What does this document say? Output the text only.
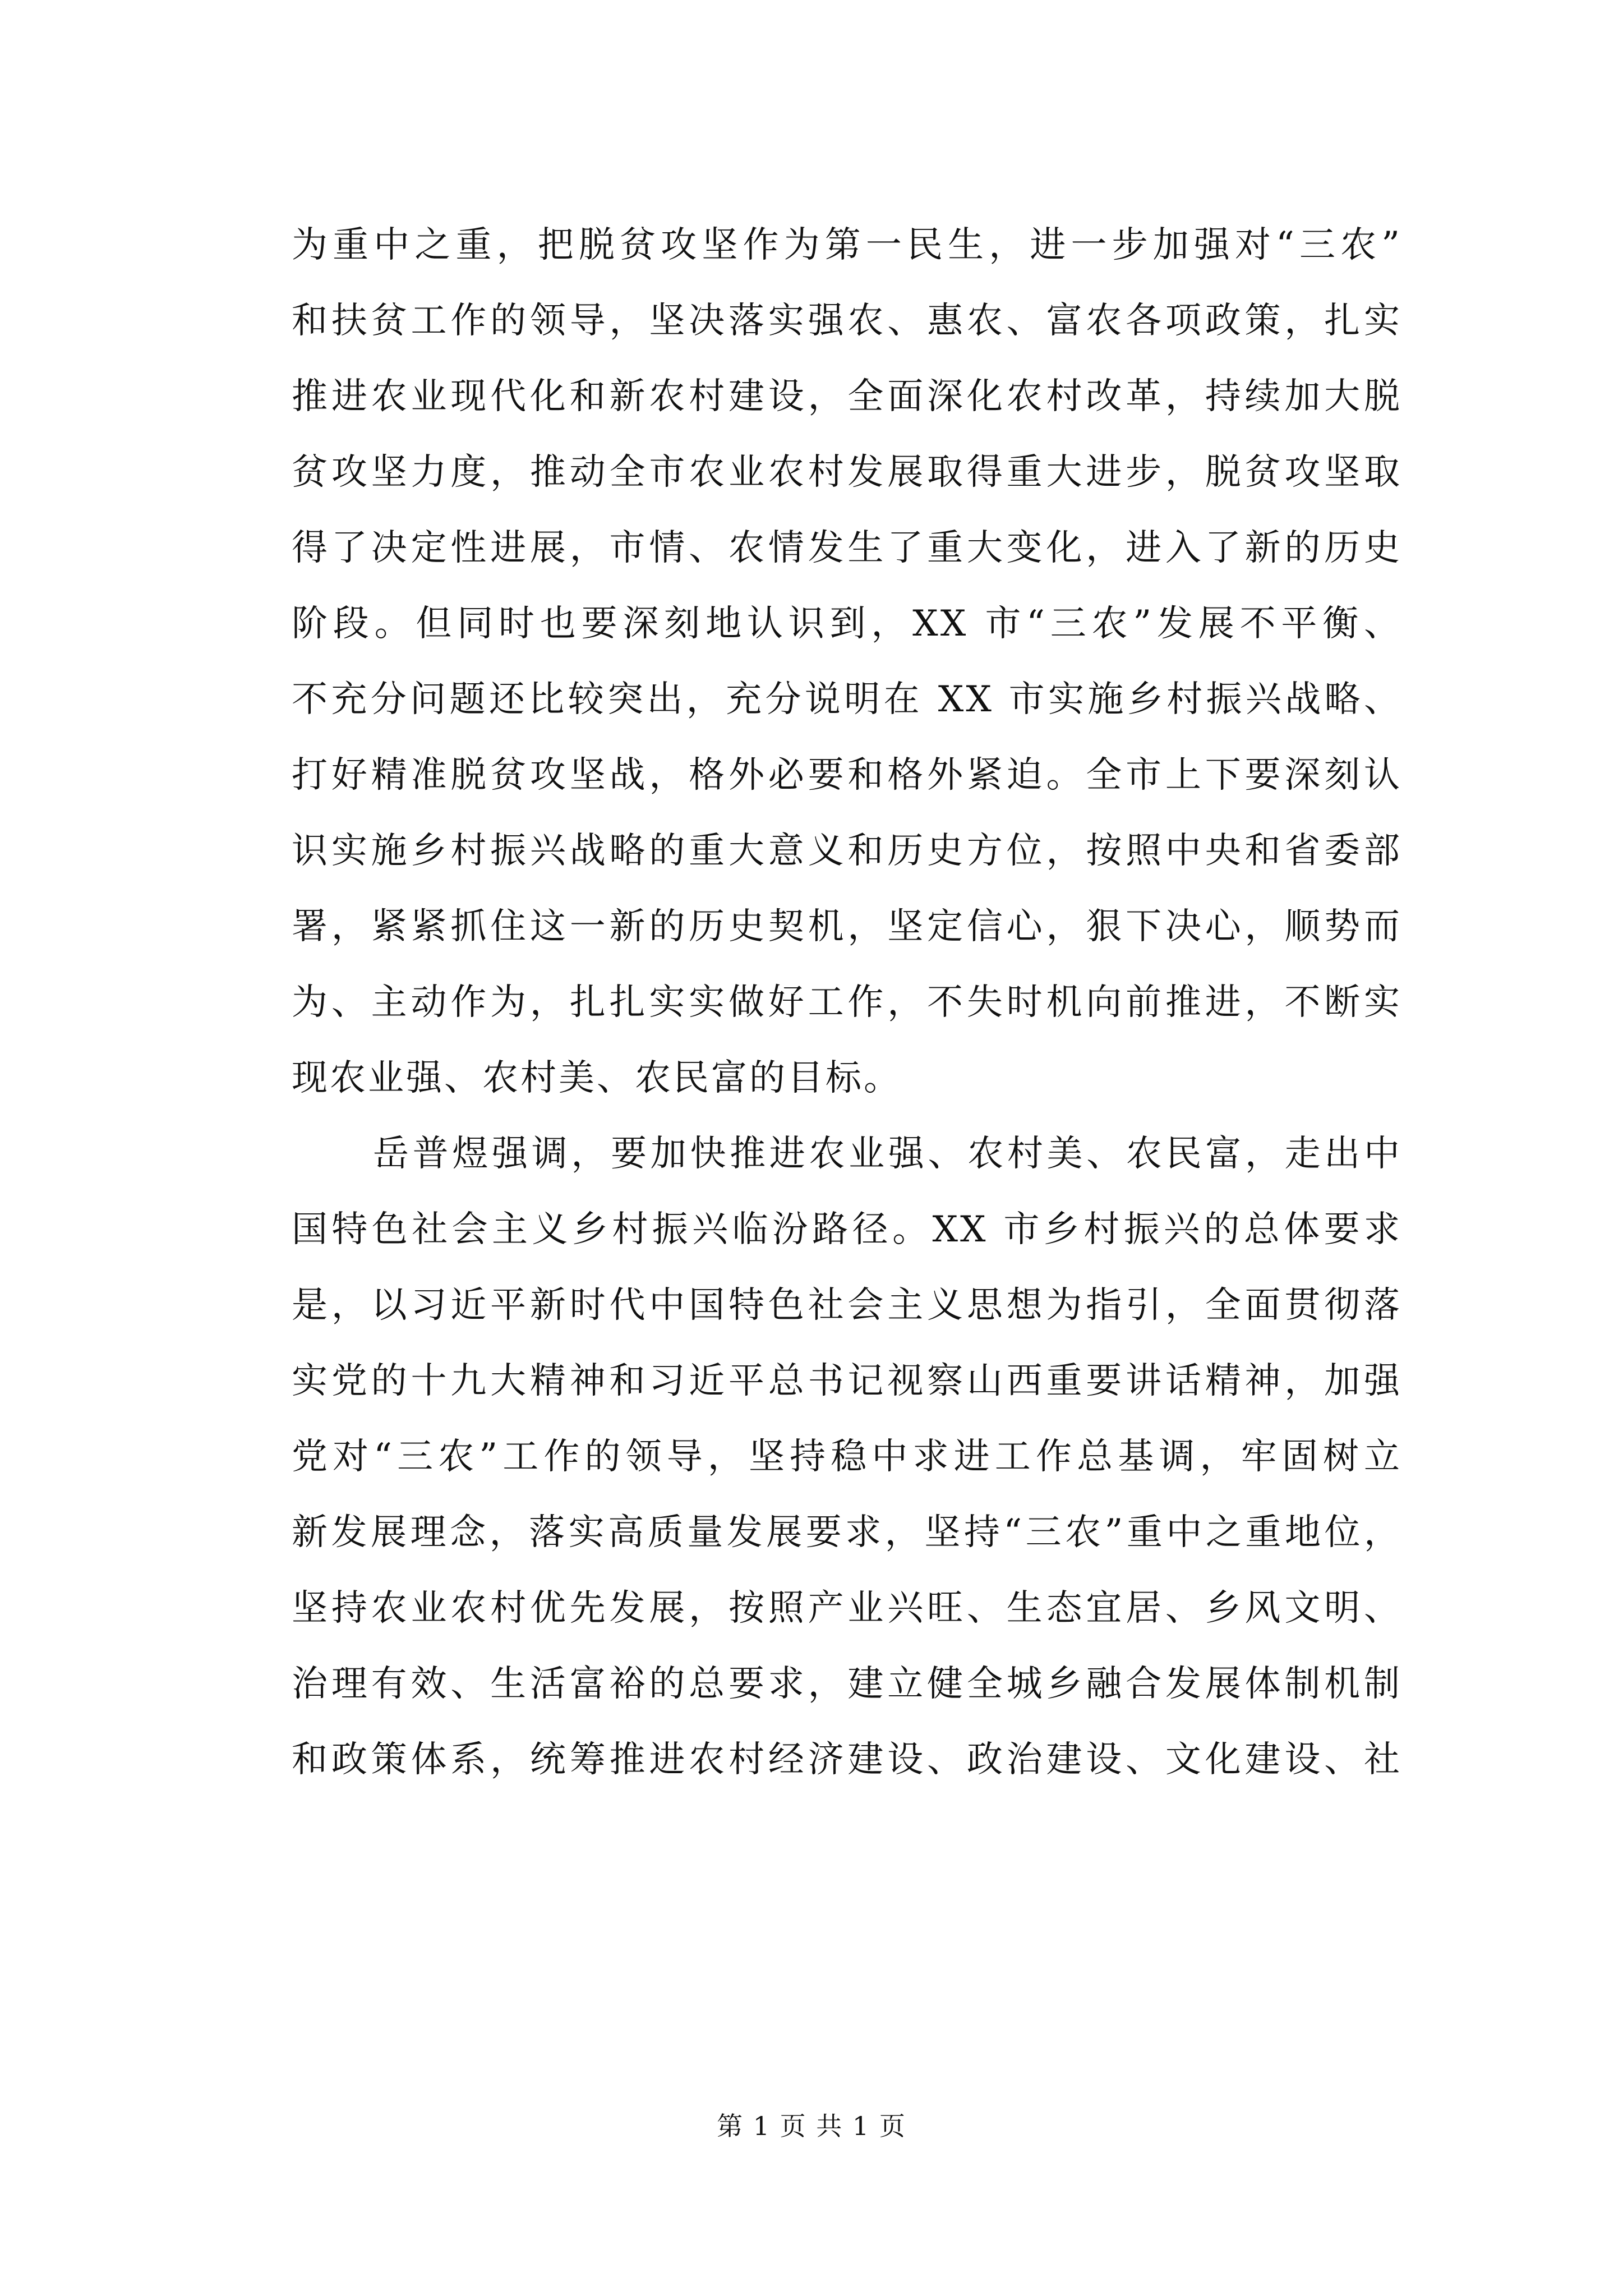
为重中之重，把脱贫攻坚作为第一民生，进一步加强对“三农”
和扶贫工作的领导，坚决落实强农、惠农、富农各项政策，扎实
推进农业现代化和新农村建设，全面深化农村改革，持续加大脱
贫攻坚力度，推动全市农业农村发展取得重大进步，脱贫攻坚取
得了决定性进展，市情、农情发生了重大变化，进入了新的历史
阶段。但同时也要深刻地认识到，XX 市“三农”发展不平衡、
不充分问题还比较突出，充分说明在 XX 市实施乡村振兴战略、
打好精准脱贫攻坚战，格外必要和格外紧迫。全市上下要深刻认
识实施乡村振兴战略的重大意义和历史方位，按照中央和省委部
署，紧紧抓住这一新的历史契机，坚定信心，狠下决心，顺势而
为、主动作为，扎扎实实做好工作，不失时机向前推进，不断实
现农业强、农村美、农民富的目标。
岳普煜强调，要加快推进农业强、农村美、农民富，走出中
国特色社会主义乡村振兴临汾路径。XX 市乡村振兴的总体要求
是，以习近平新时代中国特色社会主义思想为指引，全面贯彻落
实党的十九大精神和习近平总书记视察山西重要讲话精神，加强
党对“三农”工作的领导，坚持稳中求进工作总基调，牢固树立
新发展理念，落实高质量发展要求，坚持“三农”重中之重地位，
坚持农业农村优先发展，按照产业兴旺、生态宜居、乡风文明、
治理有效、生活富裕的总要求，建立健全城乡融合发展体制机制
和政策体系，统筹推进农村经济建设、政治建设、文化建设、社
第 1 页 共 1 页
